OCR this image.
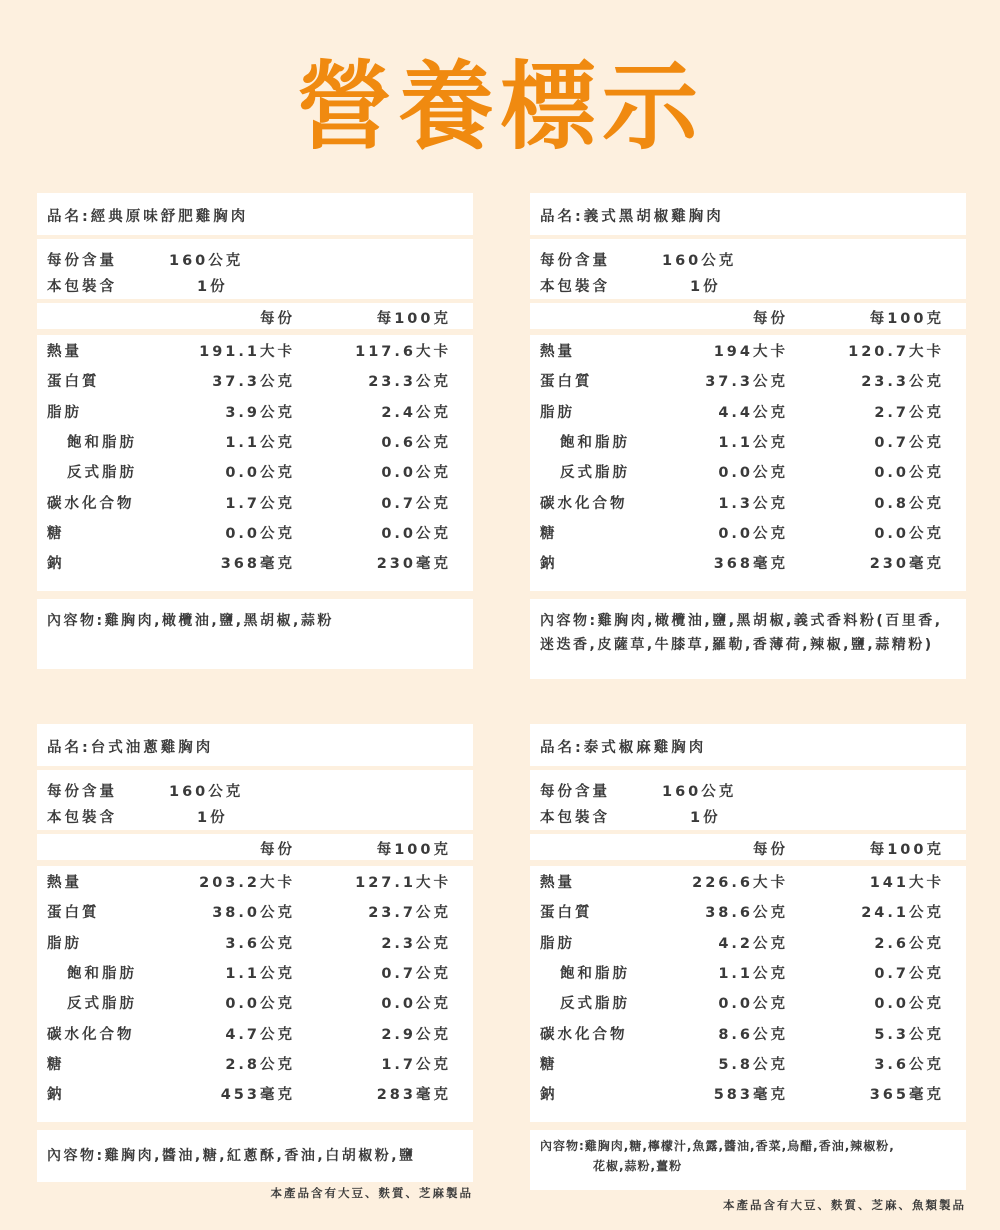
營養標示
品名:經典原味舒肥雞胸肉
每份含量	160公克
本包裝含	1份
每份	每100克
熱量	191.1大卡	117.6大卡
蛋白質	37.3公克	23.3公克
脂肪	3.9公克	2.4公克
飽和脂肪	1.1公克	0.6公克
反式脂肪	0.0公克	0.0公克
碳水化合物	1.7公克	0.7公克
糖	0.0公克	0.0公克
鈉	368毫克	230毫克
內容物:雞胸肉,橄欖油,鹽,黑胡椒,蒜粉
品名:義式黑胡椒雞胸肉
每份含量	160公克
本包裝含	1份
每份	每100克
熱量	194大卡	120.7大卡
蛋白質	37.3公克	23.3公克
脂肪	4.4公克	2.7公克
飽和脂肪	1.1公克	0.7公克
反式脂肪	0.0公克	0.0公克
碳水化合物	1.3公克	0.8公克
糖	0.0公克	0.0公克
鈉	368毫克	230毫克
內容物:雞胸肉,橄欖油,鹽,黑胡椒,義式香料粉(百里香,迷迭香,皮薩草,牛膝草,羅勒,香薄荷,辣椒,鹽,蒜精粉)
品名:台式油蔥雞胸肉
每份含量	160公克
本包裝含	1份
每份	每100克
熱量	203.2大卡	127.1大卡
蛋白質	38.0公克	23.7公克
脂肪	3.6公克	2.3公克
飽和脂肪	1.1公克	0.7公克
反式脂肪	0.0公克	0.0公克
碳水化合物	4.7公克	2.9公克
糖	2.8公克	1.7公克
鈉	453毫克	283毫克
內容物:雞胸肉,醬油,糖,紅蔥酥,香油,白胡椒粉,鹽
本產品含有大豆、麩質、芝麻製品
品名:泰式椒麻雞胸肉
每份含量	160公克
本包裝含	1份
每份	每100克
熱量	226.6大卡	141大卡
蛋白質	38.6公克	24.1公克
脂肪	4.2公克	2.6公克
飽和脂肪	1.1公克	0.7公克
反式脂肪	0.0公克	0.0公克
碳水化合物	8.6公克	5.3公克
糖	5.8公克	3.6公克
鈉	583毫克	365毫克
內容物:雞胸肉,糖,檸檬汁,魚露,醬油,香菜,烏醋,香油,辣椒粉,
花椒,蒜粉,薑粉
本產品含有大豆、麩質、芝麻、魚類製品
